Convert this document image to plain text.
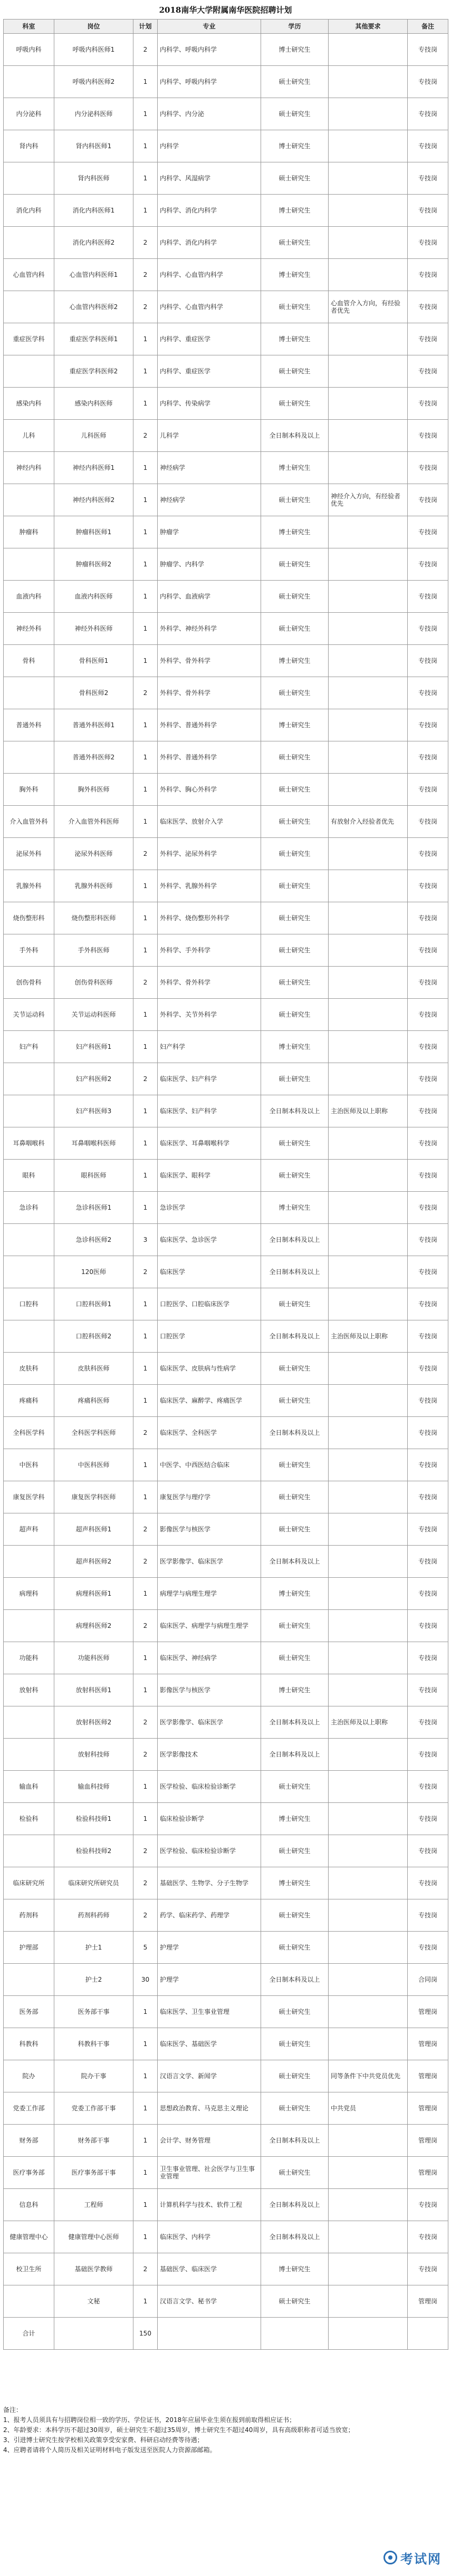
2018南华大学附属南华医院招聘计划
科室	岗位	计划	专业	学历	其他要求	备注
呼吸内科	呼吸内科医师1	2	内科学、呼吸内科学	博士研究生		专技岗
	呼吸内科医师2	1	内科学、呼吸内科学	硕士研究生		专技岗
内分泌科	内分泌科医师	1	内科学、内分泌	硕士研究生		专技岗
肾内科	肾内科医师1	1	内科学	博士研究生		专技岗
	肾内科医师	1	内科学、风湿病学	硕士研究生		专技岗
消化内科	消化内科医师1	1	内科学、消化内科学	博士研究生		专技岗
	消化内科医师2	2	内科学、消化内科学	硕士研究生		专技岗
心血管内科	心血管内科医师1	2	内科学、心血管内科学	博士研究生		专技岗
	心血管内科医师2	2	内科学、心血管内科学	硕士研究生	心血管介入方向，有经验者优先	专技岗
重症医学科	重症医学科医师1	1	内科学、重症医学	博士研究生		专技岗
	重症医学科医师2	1	内科学、重症医学	硕士研究生		专技岗
感染内科	感染内科医师	1	内科学、传染病学	硕士研究生		专技岗
儿科	儿科医师	2	儿科学	全日制本科及以上		专技岗
神经内科	神经内科医师1	1	神经病学	博士研究生		专技岗
	神经内科医师2	1	神经病学	硕士研究生	神经介入方向，有经验者优先	专技岗
肿瘤科	肿瘤科医师1	1	肿瘤学	博士研究生		专技岗
	肿瘤科医师2	1	肿瘤学、内科学	硕士研究生		专技岗
血液内科	血液内科医师	1	内科学、血液病学	硕士研究生		专技岗
神经外科	神经外科医师	1	外科学、神经外科学	硕士研究生		专技岗
骨科	骨科医师1	1	外科学、骨外科学	博士研究生		专技岗
	骨科医师2	2	外科学、骨外科学	硕士研究生		专技岗
普通外科	普通外科医师1	1	外科学、普通外科学	博士研究生		专技岗
	普通外科医师2	1	外科学、普通外科学	硕士研究生		专技岗
胸外科	胸外科医师	1	外科学、胸心外科学	硕士研究生		专技岗
介入血管外科	介入血管外科医师	1	临床医学、放射介入学	硕士研究生	有放射介入经验者优先	专技岗
泌尿外科	泌尿外科医师	2	外科学、泌尿外科学	硕士研究生		专技岗
乳腺外科	乳腺外科医师	1	外科学、乳腺外科学	硕士研究生		专技岗
烧伤整形科	烧伤整形科医师	1	外科学、烧伤整形外科学	硕士研究生		专技岗
手外科	手外科医师	1	外科学、手外科学	硕士研究生		专技岗
创伤骨科	创伤骨科医师	2	外科学、骨外科学	硕士研究生		专技岗
关节运动科	关节运动科医师	1	外科学、关节外科学	硕士研究生		专技岗
妇产科	妇产科医师1	1	妇产科学	博士研究生		专技岗
	妇产科医师2	2	临床医学、妇产科学	硕士研究生		专技岗
	妇产科医师3	1	临床医学、妇产科学	全日制本科及以上	主治医师及以上职称	专技岗
耳鼻咽喉科	耳鼻咽喉科医师	1	临床医学、耳鼻咽喉科学	硕士研究生		专技岗
眼科	眼科医师	1	临床医学、眼科学	硕士研究生		专技岗
急诊科	急诊科医师1	1	急诊医学	博士研究生		专技岗
	急诊科医师2	3	临床医学、急诊医学	全日制本科及以上		专技岗
	120医师	2	临床医学	全日制本科及以上		专技岗
口腔科	口腔科医师1	1	口腔医学、口腔临床医学	硕士研究生		专技岗
	口腔科医师2	1	口腔医学	全日制本科及以上	主治医师及以上职称	专技岗
皮肤科	皮肤科医师	1	临床医学、皮肤病与性病学	硕士研究生		专技岗
疼痛科	疼痛科医师	1	临床医学、麻醉学、疼痛医学	硕士研究生		专技岗
全科医学科	全科医学科医师	2	临床医学、全科医学	全日制本科及以上		专技岗
中医科	中医科医师	1	中医学、中西医结合临床	硕士研究生		专技岗
康复医学科	康复医学科医师	1	康复医学与理疗学	硕士研究生		专技岗
超声科	超声科医师1	2	影像医学与核医学	硕士研究生		专技岗
	超声科医师2	2	医学影像学、临床医学	全日制本科及以上		专技岗
病理科	病理科医师1	1	病理学与病理生理学	博士研究生		专技岗
	病理科医师2	2	临床医学、病理学与病理生理学	硕士研究生		专技岗
功能科	功能科医师	1	临床医学、神经病学	硕士研究生		专技岗
放射科	放射科医师1	1	影像医学与核医学	博士研究生		专技岗
	放射科医师2	2	医学影像学、临床医学	全日制本科及以上	主治医师及以上职称	专技岗
	放射科技师	2	医学影像技术	全日制本科及以上		专技岗
输血科	输血科技师	1	医学检验、临床检验诊断学	硕士研究生		专技岗
检验科	检验科技师1	1	临床检验诊断学	博士研究生		专技岗
	检验科技师2	2	医学检验、临床检验诊断学	硕士研究生		专技岗
临床研究所	临床研究所研究员	2	基础医学、生物学、分子生物学	博士研究生		专技岗
药剂科	药剂科药师	2	药学、临床药学、药理学	硕士研究生		专技岗
护理部	护士1	5	护理学	硕士研究生		专技岗
	护士2	30	护理学	全日制本科及以上		合同岗
医务部	医务部干事	1	临床医学、卫生事业管理	硕士研究生		管理岗
科教科	科教科干事	1	临床医学、基础医学	硕士研究生		管理岗
院办	院办干事	1	汉语言文学、新闻学	硕士研究生	同等条件下中共党员优先	管理岗
党委工作部	党委工作部干事	1	思想政治教育、马克思主义理论	硕士研究生	中共党员	管理岗
财务部	财务部干事	1	会计学、财务管理	全日制本科及以上		管理岗
医疗事务部	医疗事务部干事	1	卫生事业管理、社会医学与卫生事业管理	硕士研究生		管理岗
信息科	工程师	1	计算机科学与技术、软件工程	全日制本科及以上		专技岗
健康管理中心	健康管理中心医师	1	临床医学、内科学	全日制本科及以上		专技岗
校卫生所	基础医学教师	2	基础医学、临床医学	博士研究生		专技岗
	文秘	1	汉语言文学、秘书学	硕士研究生		管理岗
合计		150				

备注：

1、报考人员须具有与招聘岗位相一致的学历、学位证书，2018年应届毕业生须在报到前取得相应证书；

2、年龄要求：本科学历不超过30周岁，硕士研究生不超过35周岁，博士研究生不超过40周岁，具有高级职称者可适当放宽；

3、引进博士研究生按学校相关政策享受安家费、科研启动经费等待遇；

4、应聘者请将个人简历及相关证明材料电子版发送至医院人力资源部邮箱。

考试网
